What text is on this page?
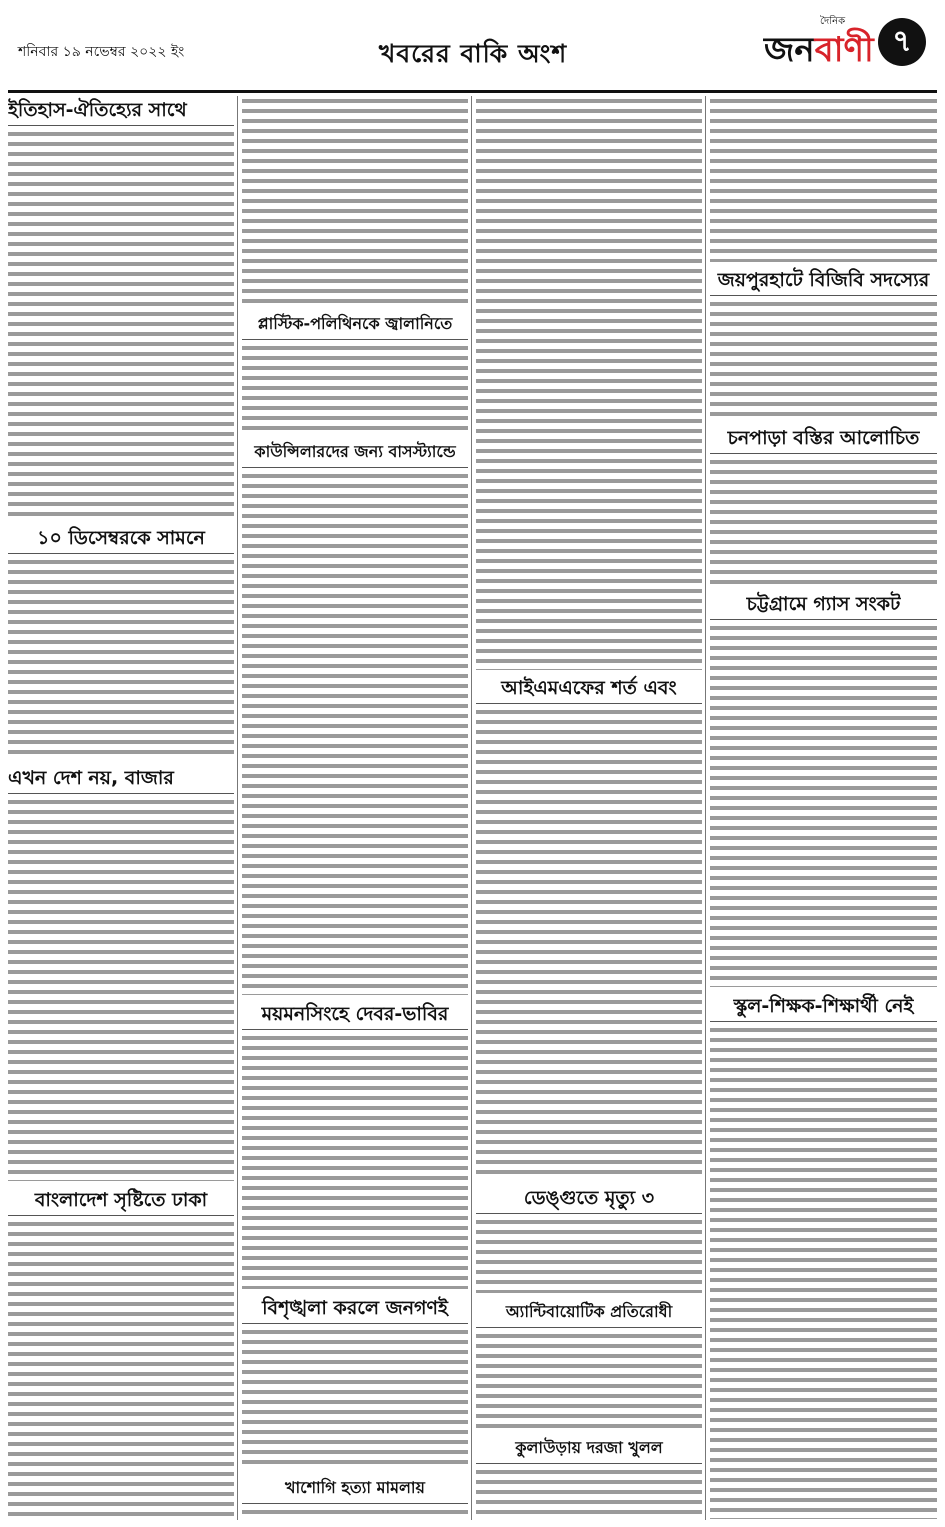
শনিবার ১৯ নভেম্বর ২০২২ ইং	খবরের বাকি অংশ
দৈনিক
জনবাণী ৭
ইতিহাস-ঐতিহ্যের সাথে
১০ ডিসেম্বরকে সামনে
এখন দেশ নয়, বাজার
বাংলাদেশ সৃষ্টিতে ঢাকা
প্লাস্টিক-পলিথিনকে জ্বালানিতে
কাউন্সিলারদের জন্য বাসস্ট্যান্ডে
ময়মনসিংহে দেবর-ভাবির
বিশৃঙ্খলা করলে জনগণই
খাশোগি হত্যা মামলায়
আইএমএফের শর্ত এবং
ডেঙ্গুতে মৃত্যু ৩
অ্যান্টিবায়োটিক প্রতিরোধী
কুলাউড়ায় দরজা খুলল
জয়পুরহাটে বিজিবি সদস্যের
চনপাড়া বস্তির আলোচিত
চট্টগ্রামে গ্যাস সংকট
স্কুল-শিক্ষক-শিক্ষার্থী নেই
